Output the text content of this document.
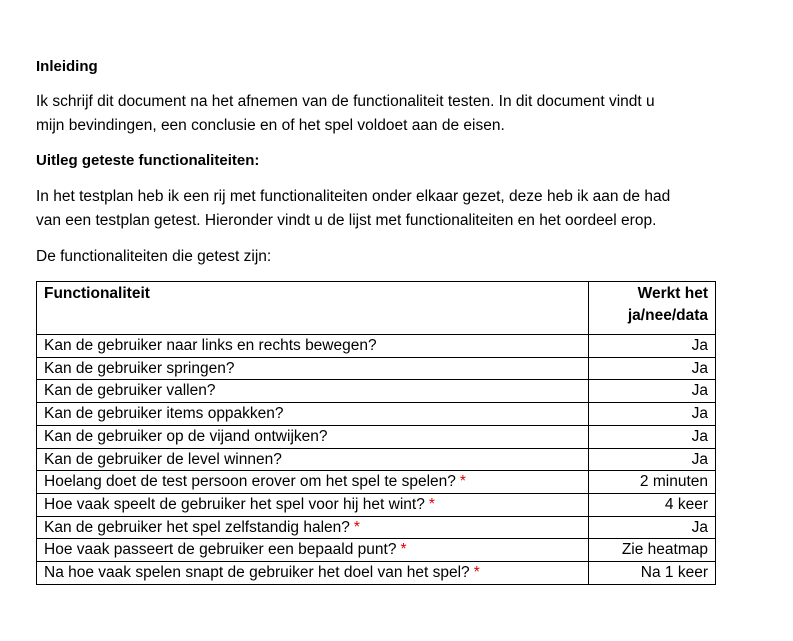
Inleiding

Ik schrijf dit document na het afnemen van de functionaliteit testen. In dit document vindt u
mijn bevindingen, een conclusie en of het spel voldoet aan de eisen.

Uitleg geteste functionaliteiten:

In het testplan heb ik een rij met functionaliteiten onder elkaar gezet, deze heb ik aan de had
van een testplan getest. Hieronder vindt u de lijst met functionaliteiten en het oordeel erop.
De functionaliteiten die getest zijn:
Functionaliteit	Werkt het
ja/nee/data
Kan de gebruiker naar links en rechts bewegen?	Ja
Kan de gebruiker springen?	Ja
Kan de gebruiker vallen?	Ja
Kan de gebruiker items oppakken?	Ja
Kan de gebruiker op de vijand ontwijken?	Ja
Kan de gebruiker de level winnen?	Ja
Hoelang doet de test persoon erover om het spel te spelen? *	2 minuten
Hoe vaak speelt de gebruiker het spel voor hij het wint? *	4 keer
Kan de gebruiker het spel zelfstandig halen? *	Ja
Hoe vaak passeert de gebruiker een bepaald punt? *	Zie heatmap
Na hoe vaak spelen snapt de gebruiker het doel van het spel? *	Na 1 keer
